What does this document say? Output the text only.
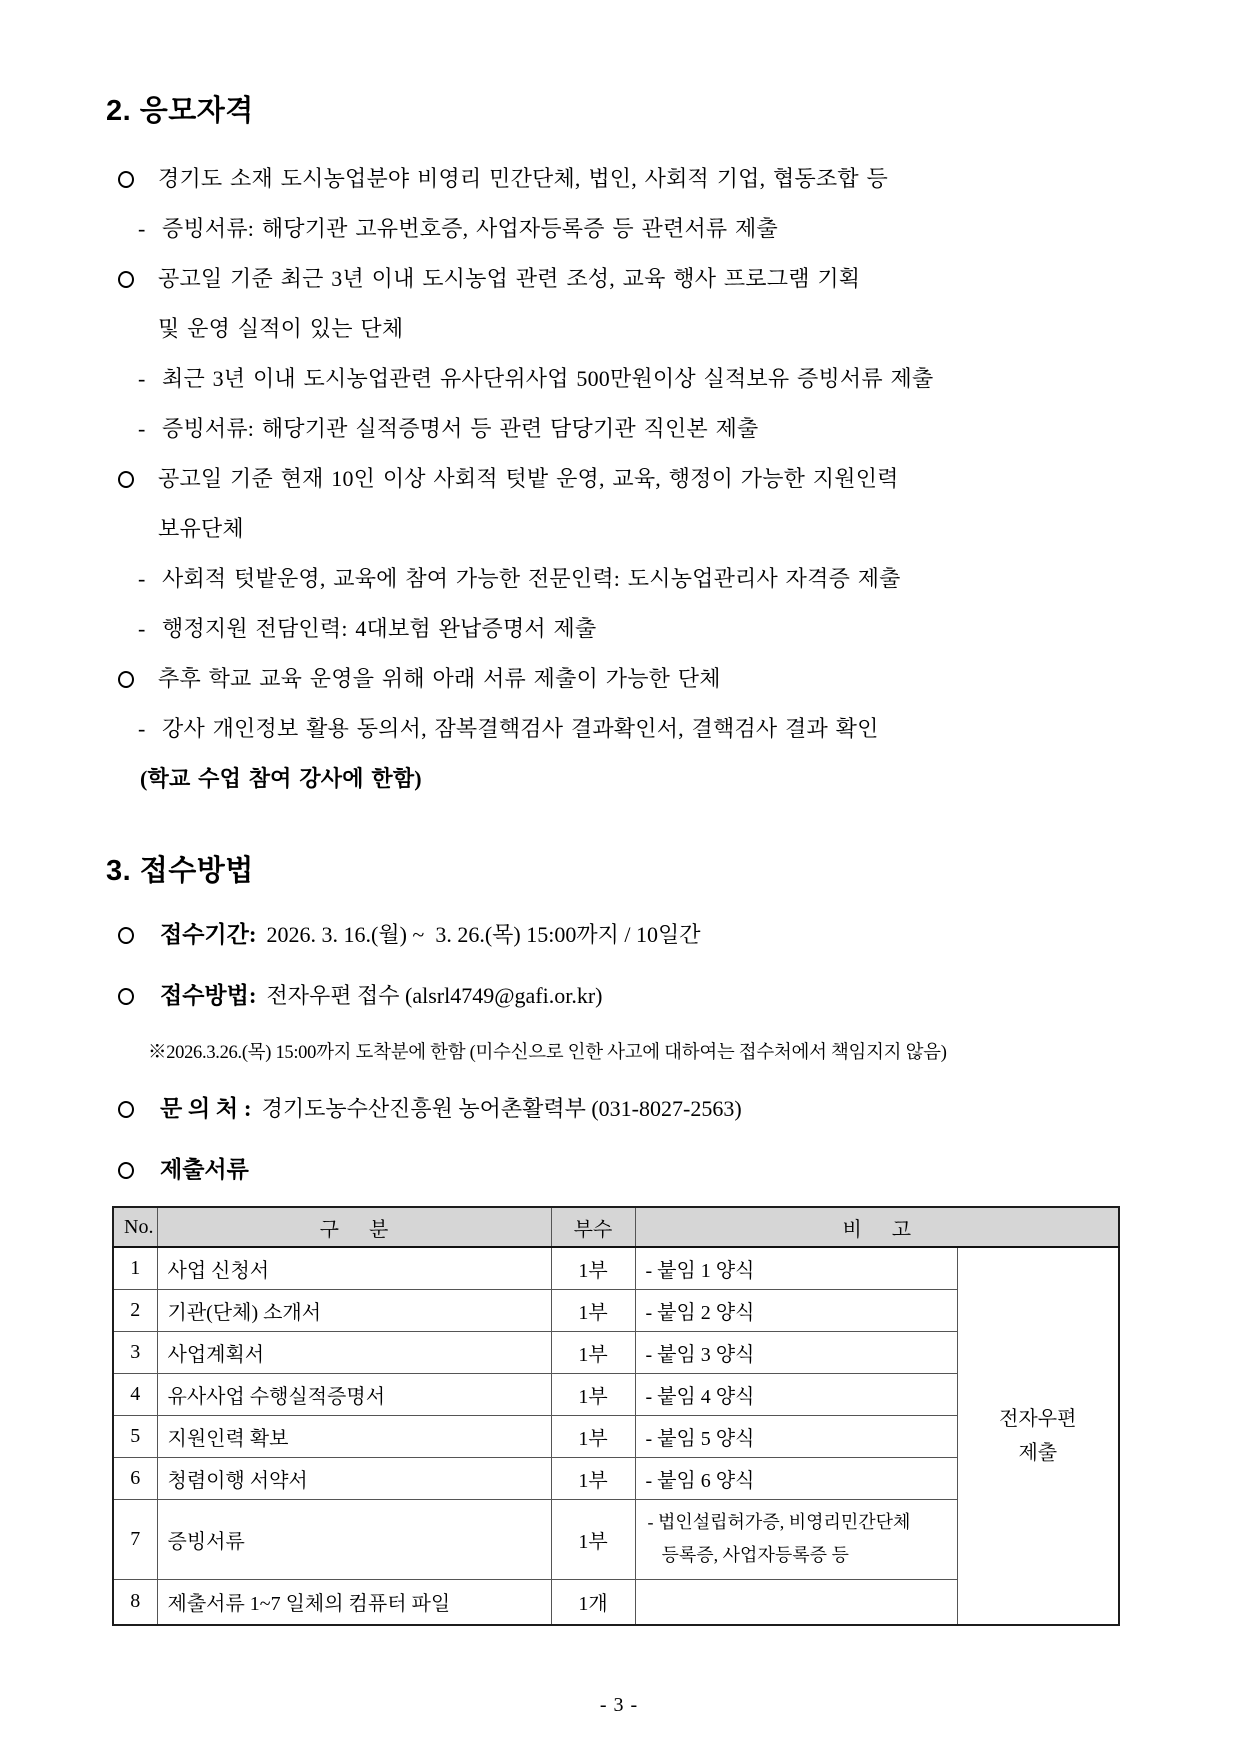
2. 응모자격

경기도 소재 도시농업분야 비영리 민간단체, 법인, 사회적 기업, 협동조합 등

- 증빙서류: 해당기관 고유번호증, 사업자등록증 등 관련서류 제출

공고일 기준 최근 3년 이내 도시농업 관련 조성, 교육 행사 프로그램 기획
및 운영 실적이 있는 단체

- 최근 3년 이내 도시농업관련 유사단위사업 500만원이상 실적보유 증빙서류 제출

- 증빙서류: 해당기관 실적증명서 등 관련 담당기관 직인본 제출

공고일 기준 현재 10인 이상 사회적 텃밭 운영, 교육, 행정이 가능한 지원인력
보유단체

- 사회적 텃밭운영, 교육에 참여 가능한 전문인력: 도시농업관리사 자격증 제출

- 행정지원 전담인력: 4대보험 완납증명서 제출

추후 학교 교육 운영을 위해 아래 서류 제출이 가능한 단체

- 강사 개인정보 활용 동의서, 잠복결핵검사 결과확인서, 결핵검사 결과 확인

(학교 수업 참여 강사에 한함)

3. 접수방법

접수기간: 2026. 3. 16.(월) ~  3. 26.(목) 15:00까지 / 10일간

접수방법: 전자우편 접수 (alsrl4749@gafi.or.kr)

※2026.3.26.(목) 15:00까지 도착분에 한함 (미수신으로 인한 사고에 대하여는 접수처에서 책임지지 않음)

문 의 처 : 경기도농수산진흥원 농어촌활력부 (031-8027-2563)

제출서류

No.	구      분	부수	비      고	
1	사업 신청서	1부	- 붙임 1 양식	전자우편
제출
2	기관(단체) 소개서	1부	- 붙임 2 양식	
3	사업계획서	1부	- 붙임 3 양식	
4	유사사업 수행실적증명서	1부	- 붙임 4 양식	
5	지원인력 확보	1부	- 붙임 5 양식	
6	청렴이행 서약서	1부	- 붙임 6 양식	
7	증빙서류	1부	- 법인설립허가증, 비영리민간단체 등록증, 사업자등록증 등	
8	제출서류 1~7 일체의 컴퓨터 파일	1개		
- 3 -
